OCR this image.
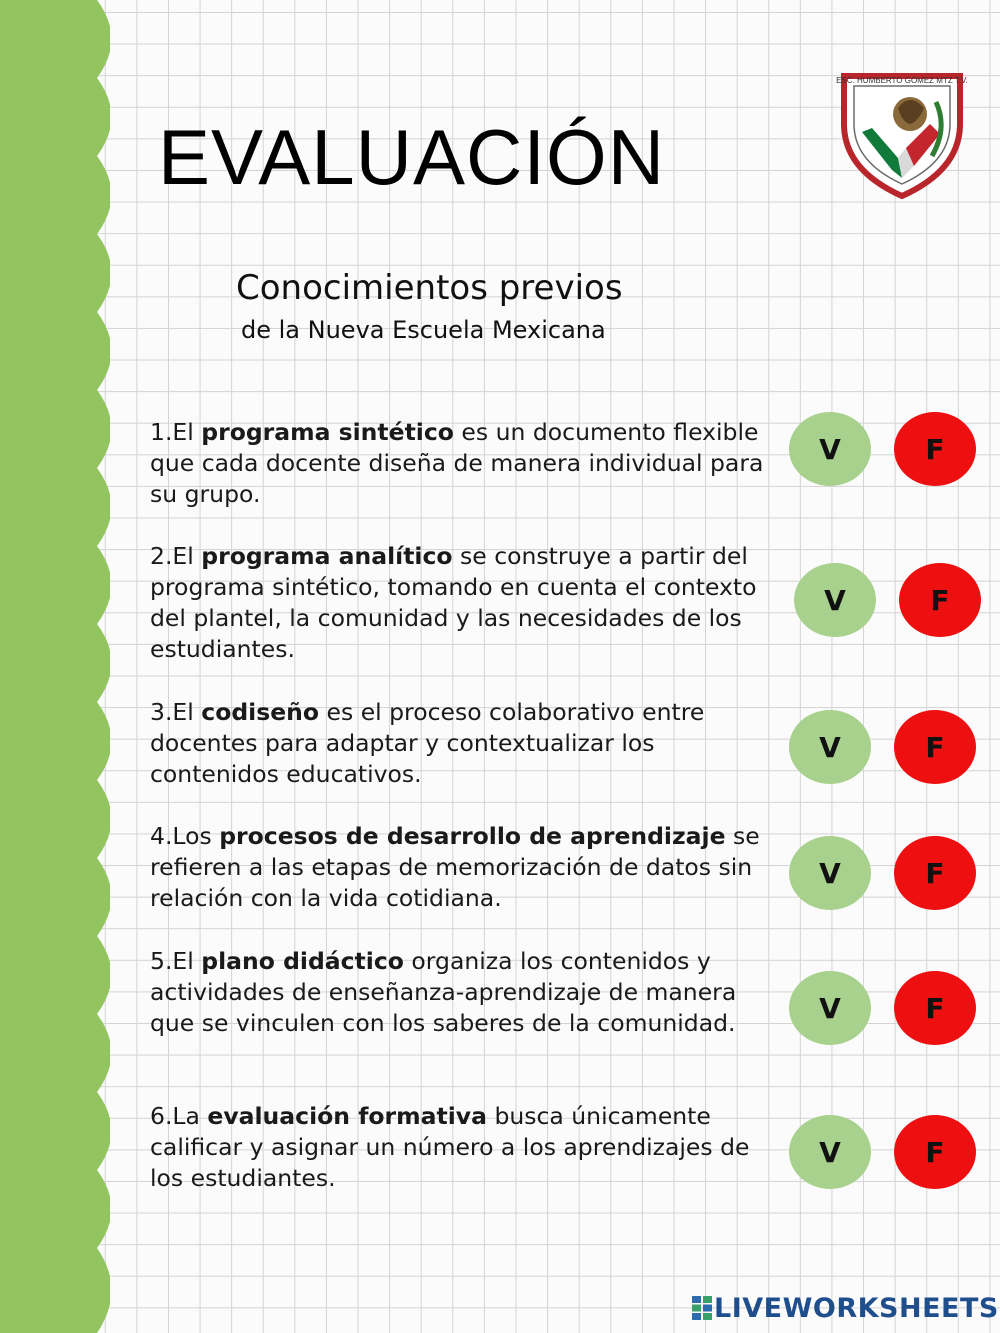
EVALUACIÓN
ESC. HUMBERTO GÓMEZ MTZ T.V.
Conocimientos previos
de la Nueva Escuela Mexicana
1.El programa sintético es un documento flexible que cada docente diseña de manera individual para su grupo.
V	F
2.El programa analítico se construye a partir del programa sintético, tomando en cuenta el contexto del plantel, la comunidad y las necesidades de los estudiantes.
V	F
3.El codiseño es el proceso colaborativo entre docentes para adaptar y contextualizar los contenidos educativos.
V	F
4.Los procesos de desarrollo de aprendizaje se refieren a las etapas de memorización de datos sin relación con la vida cotidiana.
V	F
5.El plano didáctico organiza los contenidos y actividades de enseñanza-aprendizaje de manera que se vinculen con los saberes de la comunidad.	V	F
6.La evaluación formativa busca únicamente calificar y asignar un número a los aprendizajes de los estudiantes.
V	F
LIVEWORKSHEETS
